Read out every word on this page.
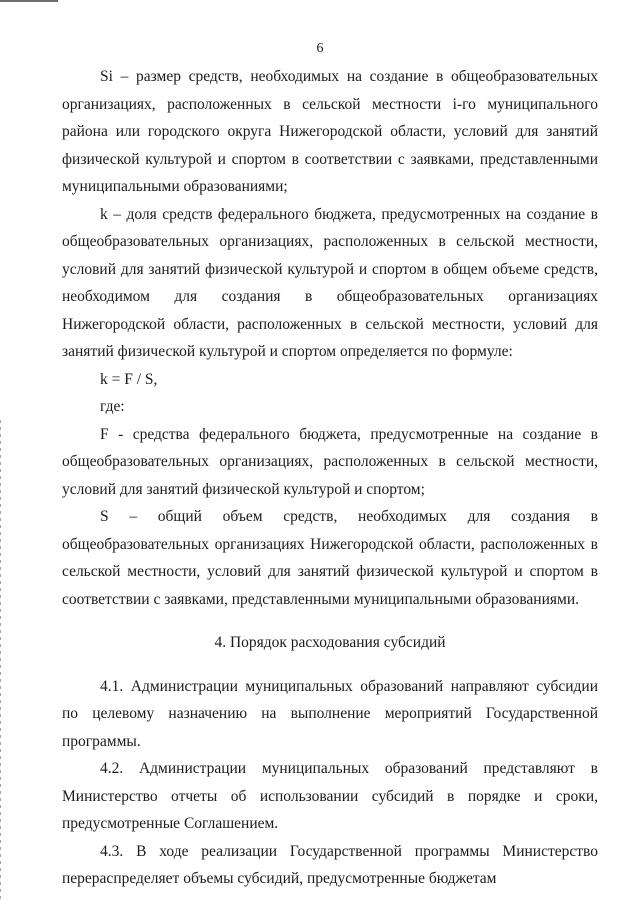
6

Si – размер средств, необходимых на создание в общеобразовательных организациях, расположенных в сельской местности i-го муниципального района или городского округа Нижегородской области, условий для занятий физической культурой и спортом в соответствии с заявками, представленными муниципальными образованиями;

k – доля средств федерального бюджета, предусмотренных на создание в общеобразовательных организациях, расположенных в сельской местности, условий для занятий физической культурой и спортом в общем объеме средств, необходимом для создания в общеобразовательных организациях Нижегородской области, расположенных в сельской местности, условий для занятий физической культурой и спортом определяется по формуле:

k = F / S,

где:

F - средства федерального бюджета, предусмотренные на создание в общеобразовательных организациях, расположенных в сельской местности, условий для занятий физической культурой и спортом;

S – общий объем средств, необходимых для создания в общеобразовательных организациях Нижегородской области, расположенных в сельской местности, условий для занятий физической культурой и спортом в соответствии с заявками, представленными муниципальными образованиями.

4. Порядок расходования субсидий

4.1. Администрации муниципальных образований направляют субсидии по целевому назначению на выполнение мероприятий Государственной программы.

4.2. Администрации муниципальных образований представляют в Министерство отчеты об использовании субсидий в порядке и сроки, предусмотренные Соглашением.

4.3. В ходе реализации Государственной программы Министерство перераспределяет объемы субсидий, предусмотренные бюджетам
